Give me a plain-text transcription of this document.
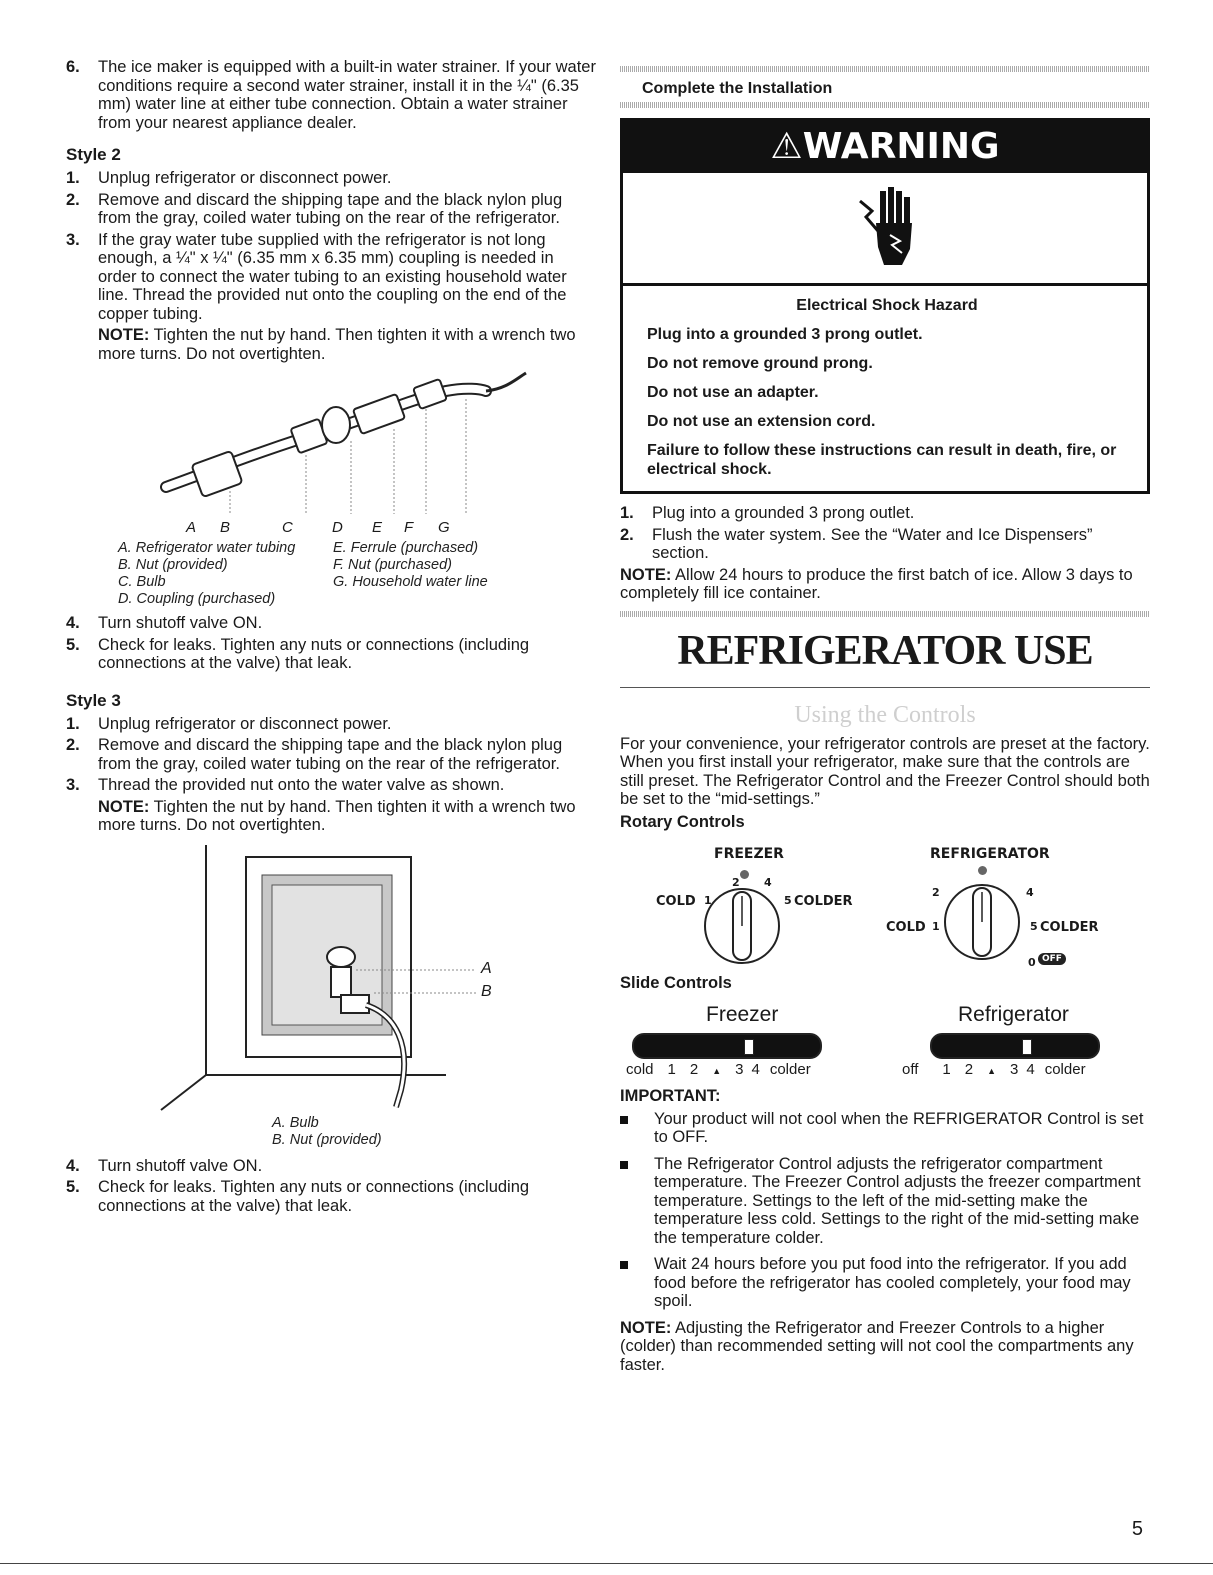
6.	The ice maker is equipped with a built-in water strainer. If your water conditions require a second water strainer, install it in the ¼" (6.35 mm) water line at either tube connection. Obtain a water strainer from your nearest appliance dealer.
Style 2
1.	Unplug refrigerator or disconnect power.
2.	Remove and discard the shipping tape and the black nylon plug from the gray, coiled water tubing on the rear of the refrigerator.
3.	If the gray water tube supplied with the refrigerator is not long enough, a ¼" x ¼" (6.35 mm x 6.35 mm) coupling is needed in order to connect the water tubing to an existing household water line. Thread the provided nut onto the coupling on the end of the copper tubing.
NOTE: Tighten the nut by hand. Then tighten it with a wrench two more turns. Do not overtighten.
A	B	C	D	E	F	G
A. Refrigerator water tubing
B. Nut (provided)
C. Bulb
D. Coupling (purchased)
E. Ferrule (purchased)
F. Nut (purchased)
G. Household water line
4.	Turn shutoff valve ON.
5.	Check for leaks. Tighten any nuts or connections (including connections at the valve) that leak.
Style 3
1.	Unplug refrigerator or disconnect power.
2.	Remove and discard the shipping tape and the black nylon plug from the gray, coiled water tubing on the rear of the refrigerator.
3.	Thread the provided nut onto the water valve as shown.
NOTE: Tighten the nut by hand. Then tighten it with a wrench two more turns. Do not overtighten.
A
B
A. Bulb
B. Nut (provided)
4.	Turn shutoff valve ON.
5.	Check for leaks. Tighten any nuts or connections (including connections at the valve) that leak.
Complete the Installation
⚠WARNING

Electrical Shock Hazard

Plug into a grounded 3 prong outlet.

Do not remove ground prong.

Do not use an adapter.

Do not use an extension cord.

Failure to follow these instructions can result in death, fire, or electrical shock.

1.	Plug into a grounded 3 prong outlet.
2.	Flush the water system. See the “Water and Ice Dispensers” section.
NOTE: Allow 24 hours to produce the first batch of ice. Allow 3 days to completely fill ice container.
REFRIGERATOR USE
Using the Controls
For your convenience, your refrigerator controls are preset at the factory. When you first install your refrigerator, make sure that the controls are still preset. The Refrigerator Control and the Freezer Control should both be set to the “mid-settings.”
Rotary Controls
FREEZER	REFRIGERATOR
COLD 1
2 4
5 COLDER
2	4
COLD 1	5 COLDER
0 OFF
Slide Controls
Freezer	Refrigerator
cold 1 2 ▲ 3 4 colder	off 1 2 ▲ 3 4 colder
IMPORTANT:
Your product will not cool when the REFRIGERATOR Control is set to OFF.
The Refrigerator Control adjusts the refrigerator compartment temperature. The Freezer Control adjusts the freezer compartment temperature. Settings to the left of the mid-setting make the temperature less cold. Settings to the right of the mid-setting make the temperature colder.
Wait 24 hours before you put food into the refrigerator. If you add food before the refrigerator has cooled completely, your food may spoil.
NOTE: Adjusting the Refrigerator and Freezer Controls to a higher (colder) than recommended setting will not cool the compartments any faster.
5
